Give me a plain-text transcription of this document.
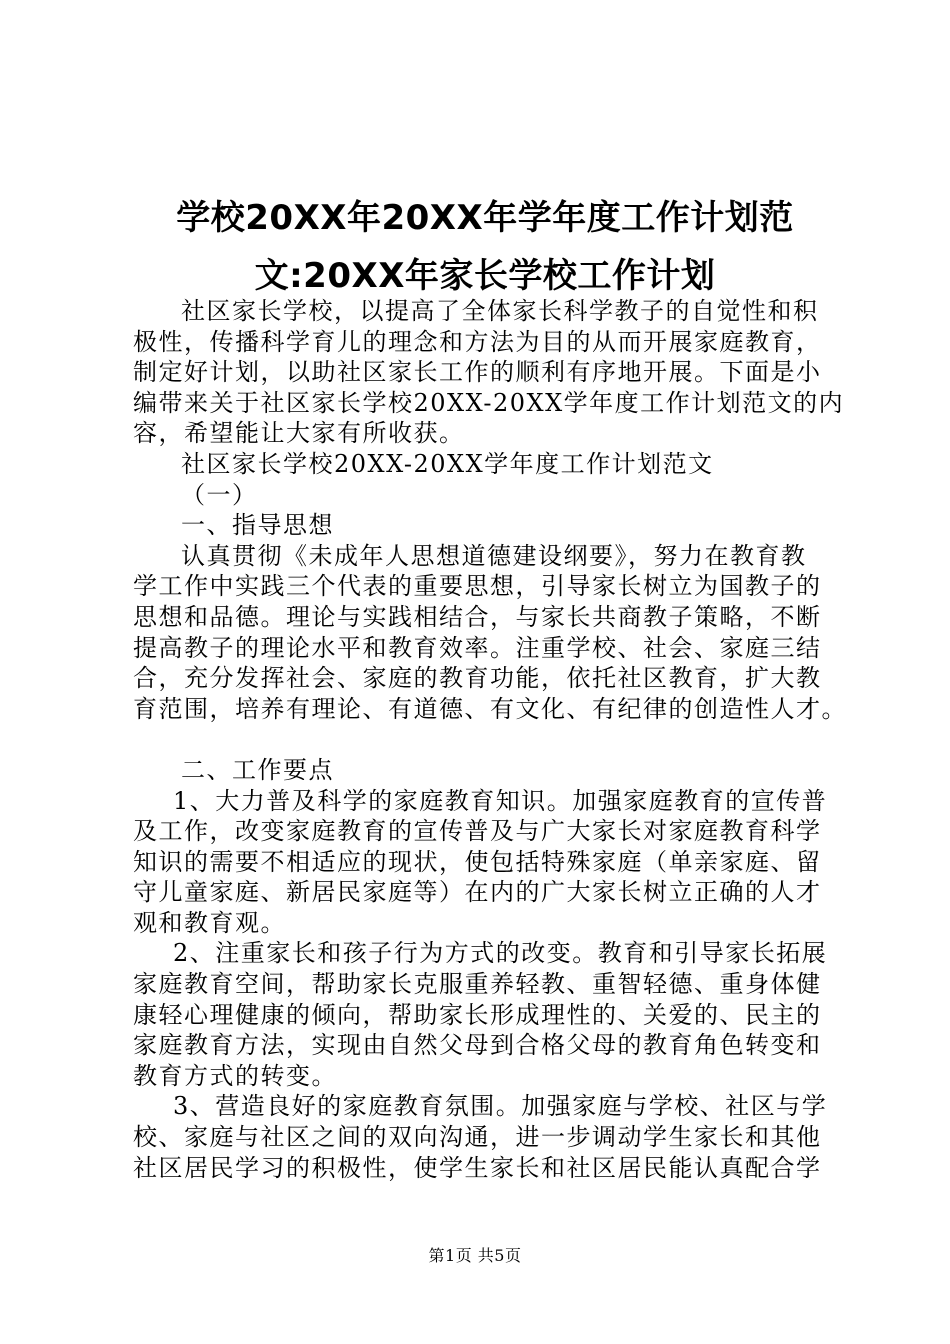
学校20XX年20XX年学年度工作计划范
文:20XX年家长学校工作计划
社区家长学校，以提高了全体家长科学教子的自觉性和积
极性，传播科学育儿的理念和方法为目的从而开展家庭教育，
制定好计划，以助社区家长工作的顺利有序地开展。下面是小
编带来关于社区家长学校20XX-20XX学年度工作计划范文的内
容，希望能让大家有所收获。
社区家长学校20XX-20XX学年度工作计划范文
（一）
一、指导思想
认真贯彻《未成年人思想道德建设纲要》，努力在教育教
学工作中实践三个代表的重要思想，引导家长树立为国教子的
思想和品德。理论与实践相结合，与家长共商教子策略，不断
提高教子的理论水平和教育效率。注重学校、社会、家庭三结
合，充分发挥社会、家庭的教育功能，依托社区教育，扩大教
育范围，培养有理论、有道德、有文化、有纪律的创造性人才。
二、工作要点
1、大力普及科学的家庭教育知识。加强家庭教育的宣传普
及工作，改变家庭教育的宣传普及与广大家长对家庭教育科学
知识的需要不相适应的现状，使包括特殊家庭（单亲家庭、留
守儿童家庭、新居民家庭等）在内的广大家长树立正确的人才
观和教育观。
2、注重家长和孩子行为方式的改变。教育和引导家长拓展
家庭教育空间，帮助家长克服重养轻教、重智轻德、重身体健
康轻心理健康的倾向，帮助家长形成理性的、关爱的、民主的
家庭教育方法，实现由自然父母到合格父母的教育角色转变和
教育方式的转变。
3、营造良好的家庭教育氛围。加强家庭与学校、社区与学
校、家庭与社区之间的双向沟通，进一步调动学生家长和其他
社区居民学习的积极性，使学生家长和社区居民能认真配合学
第1页 共5页
